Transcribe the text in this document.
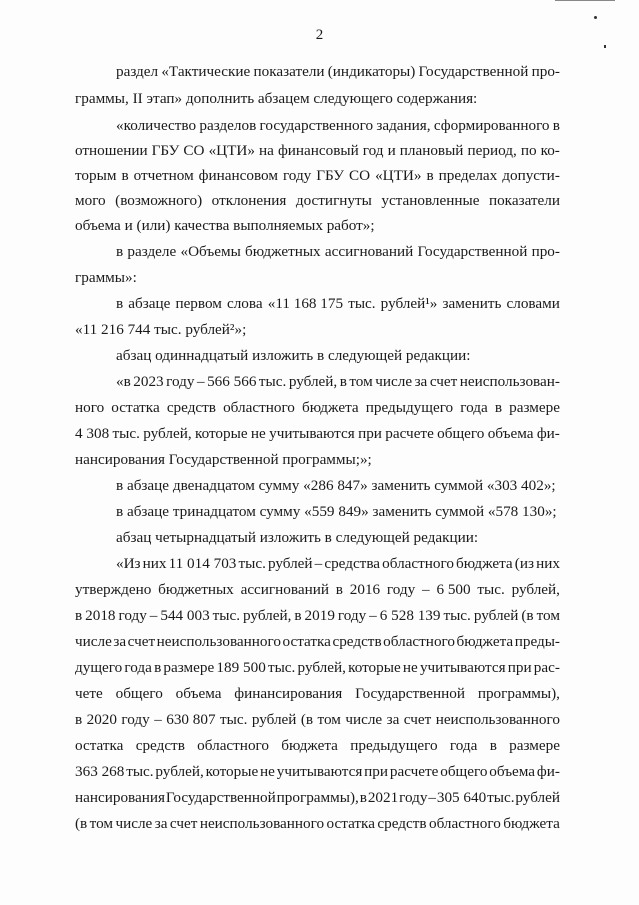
2
раздел «Тактические показатели (индикаторы) Государственной про-
граммы, II этап» дополнить абзацем следующего содержания:
«количество разделов государственного задания, сформированного в
отношении ГБУ СО «ЦТИ» на финансовый год и плановый период, по ко-
торым в отчетном финансовом году ГБУ СО «ЦТИ» в пределах допусти-
мого (возможного) отклонения достигнуты установленные показатели
объема и (или) качества выполняемых работ»;
в разделе «Объемы бюджетных ассигнований Государственной про-
граммы»:
в абзаце первом слова «11 168 175 тыс. рублей¹» заменить словами
«11 216 744 тыс. рублей²»;
абзац одиннадцатый изложить в следующей редакции:
«в 2023 году – 566 566 тыс. рублей, в том числе за счет неиспользован-
ного остатка средств областного бюджета предыдущего года в размере
4 308 тыс. рублей, которые не учитываются при расчете общего объема фи-
нансирования Государственной программы;»;
в абзаце двенадцатом сумму «286 847» заменить суммой «303 402»;
в абзаце тринадцатом сумму «559 849» заменить суммой «578 130»;
абзац четырнадцатый изложить в следующей редакции:
«Из них 11 014 703 тыс. рублей – средства областного бюджета (из них
утверждено бюджетных ассигнований в 2016 году – 6 500 тыс. рублей,
в 2018 году – 544 003 тыс. рублей, в 2019 году – 6 528 139 тыс. рублей (в том
числе за счет неиспользованного остатка средств областного бюджета преды-
дущего года в размере 189 500 тыс. рублей, которые не учитываются при рас-
чете общего объема финансирования Государственной программы),
в 2020 году – 630 807 тыс. рублей (в том числе за счет неиспользованного
остатка средств областного бюджета предыдущего года в размере
363 268 тыс. рублей, которые не учитываются при расчете общего объема фи-
нансирования Государственной программы), в 2021 году – 305 640 тыс. рублей
(в том числе за счет неиспользованного остатка средств областного бюджета
